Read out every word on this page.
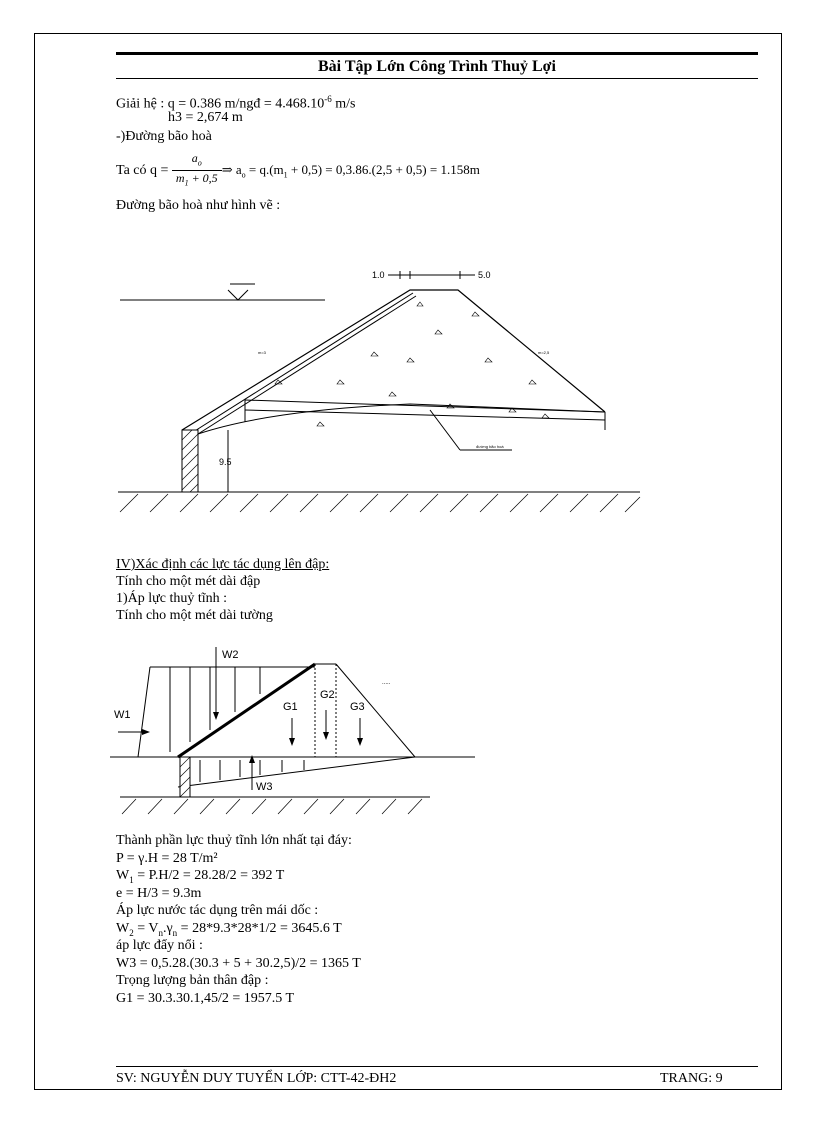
Bài Tập Lớn Công Trình Thuỷ Lợi
Giải hệ : q = 0.386 m/ngđ = $4.468.10^{-6}$ m/s
h3 = 2,674 m
-)Đường bão hoà
Ta có $q = \frac{a_o}{m_1 + 0,5}$ ⇒ $a_o = q.(m_1 + 0,5) = 0,3.86.(2,5 + 0,5) = 1.158m$
Đường bão hoà như hình vẽ :
1.0	5.0
đường bão hoà
m=3	m=2,5
9.5
IV)Xác định các lực tác dụng lên đập:
Tính cho một mét dài đập
1)Áp lực thuỷ tĩnh :
Tính cho một mét dài tường
W2
W1
G1
G2
G3
.....
W3
Thành phần lực thuỷ tĩnh lớn nhất tại đáy:
P = γ.H = 28 T/m²
$W_1 = P.H/2 = 28.28/2 = 392$ T
e = H/3 = 9.3m
Áp lực nước tác dụng trên mái dốc :
$W_2 = V_n.\gamma_n = 28*9.3*28*1/2 = 3645.6$ T
áp lực đẩy nổi :
W3 = 0,5.28.(30.3 + 5 + 30.2,5)/2 = 1365 T
Trọng lượng bản thân đập :
G1 = 30.3.30.1,45/2 = 1957.5 T
SV: NGUYỄN DUY TUYỂN LỚP: CTT-42-ĐH2	TRANG: 9
